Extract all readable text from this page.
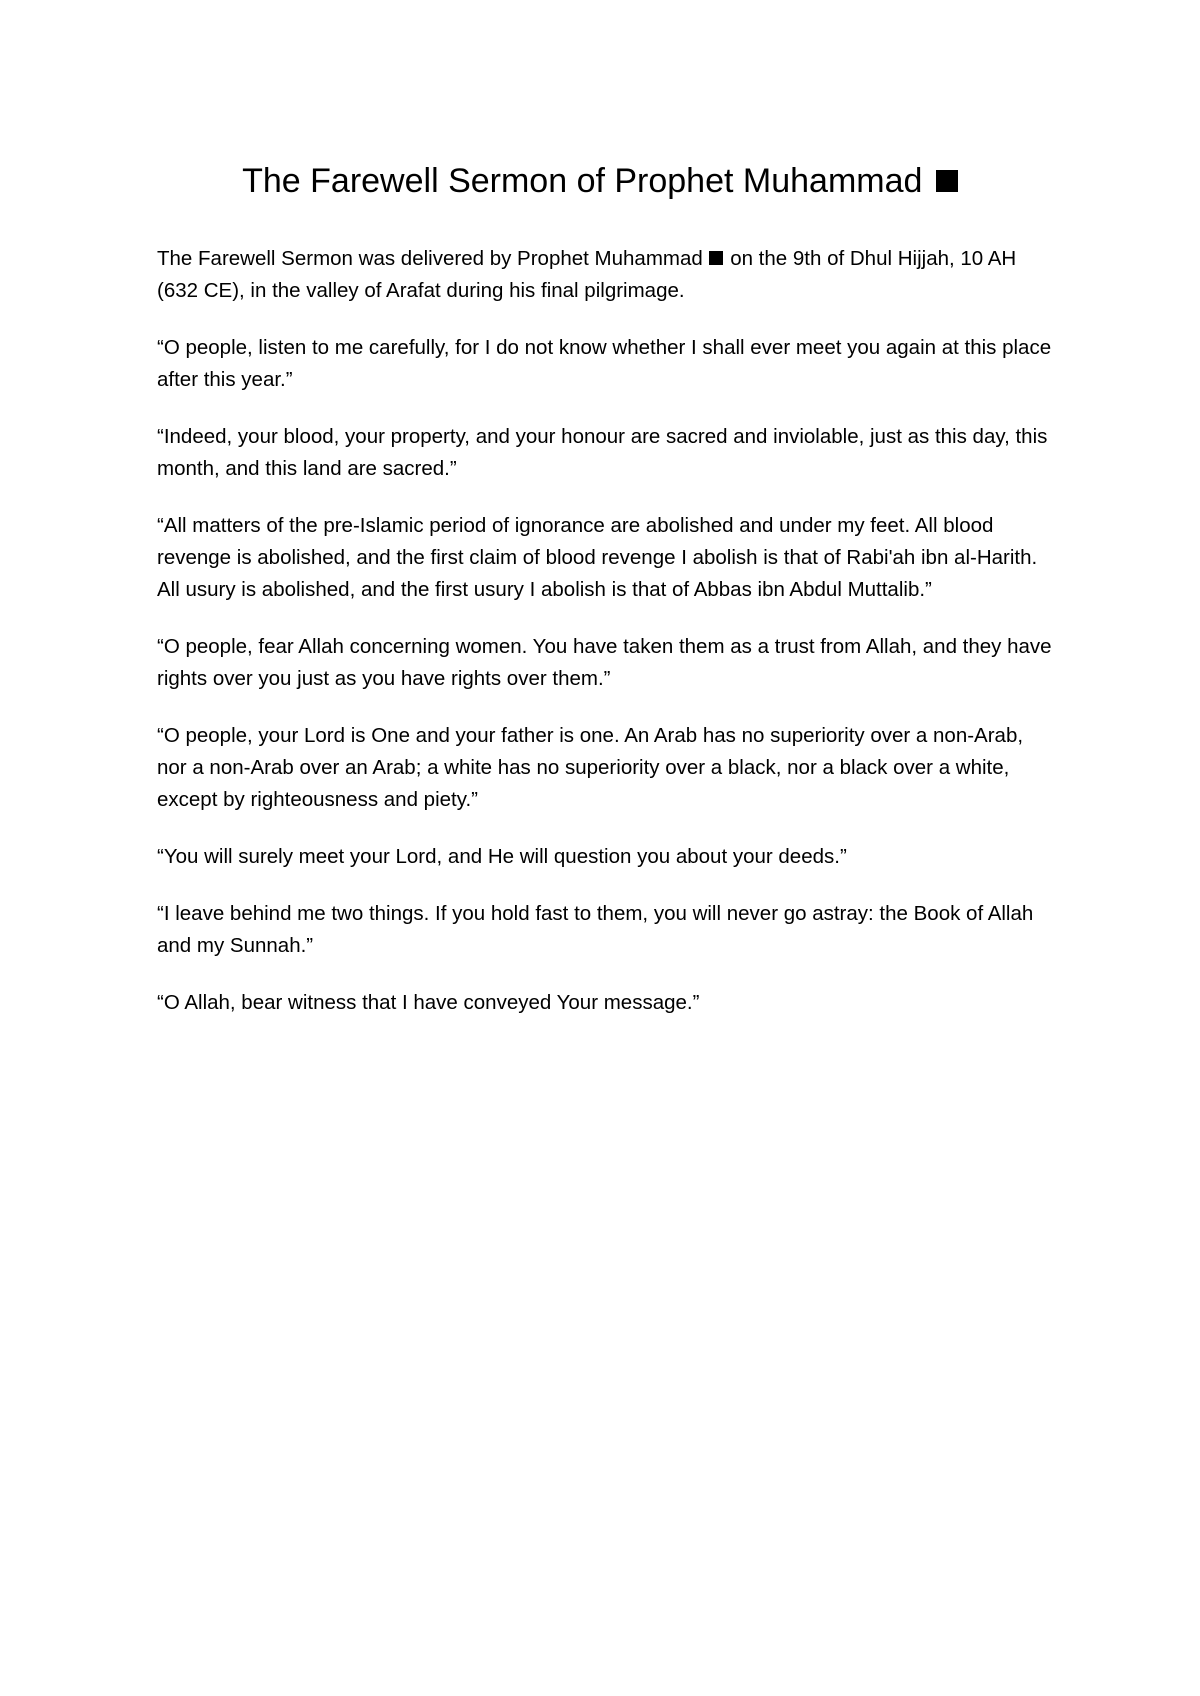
The Farewell Sermon of Prophet Muhammad

The Farewell Sermon was delivered by Prophet Muhammad on the 9th of Dhul Hijjah, 10 AH (632 CE), in the valley of Arafat during his final pilgrimage.

“O people, listen to me carefully, for I do not know whether I shall ever meet you again at this place after this year.”

“Indeed, your blood, your property, and your honour are sacred and inviolable, just as this day, this month, and this land are sacred.”

“All matters of the pre-Islamic period of ignorance are abolished and under my feet. All blood revenge is abolished, and the first claim of blood revenge I abolish is that of Rabi'ah ibn al-Harith. All usury is abolished, and the first usury I abolish is that of Abbas ibn Abdul Muttalib.”

“O people, fear Allah concerning women. You have taken them as a trust from Allah, and they have rights over you just as you have rights over them.”

“O people, your Lord is One and your father is one. An Arab has no superiority over a non-Arab, nor a non-Arab over an Arab; a white has no superiority over a black, nor a black over a white, except by righteousness and piety.”

“You will surely meet your Lord, and He will question you about your deeds.”

“I leave behind me two things. If you hold fast to them, you will never go astray: the Book of Allah and my Sunnah.”

“O Allah, bear witness that I have conveyed Your message.”
